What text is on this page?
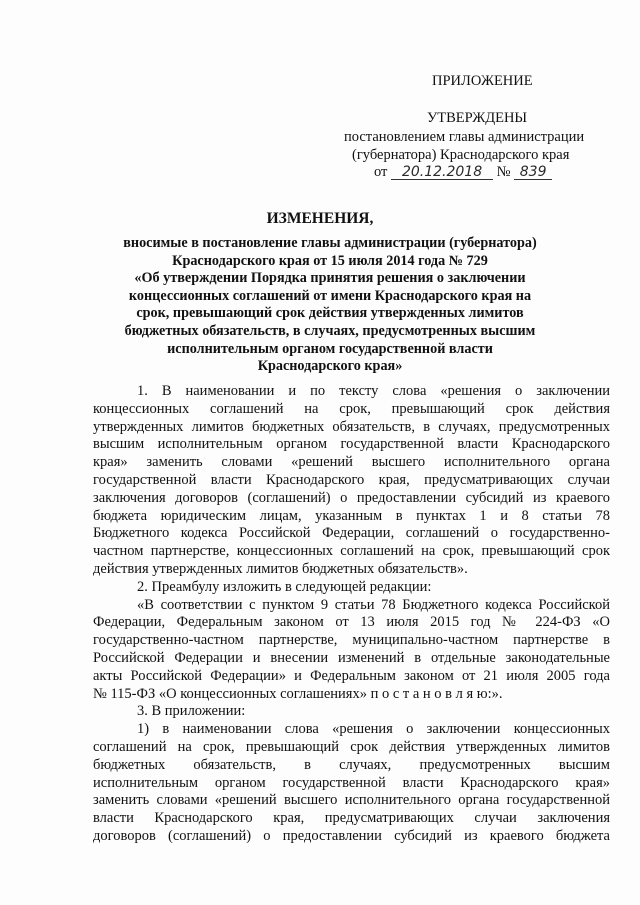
ПРИЛОЖЕНИЕ
УТВЕРЖДЕНЫ
постановлением главы администрации
(губернатора) Краснодарского края
от 20.12.2018 № 839
ИЗМЕНЕНИЯ,
вносимые в постановление главы администрации (губернатора)
Краснодарского края от 15 июля 2014 года № 729
«Об утверждении Порядка принятия решения о заключении
концессионных соглашений от имени Краснодарского края на
срок, превышающий срок действия утвержденных лимитов
бюджетных обязательств, в случаях, предусмотренных высшим
исполнительным органом государственной власти
Краснодарского края»
1. В наименовании и по тексту слова «решения о заключении
концессионных соглашений на срок, превышающий срок действия
утвержденных лимитов бюджетных обязательств, в случаях, предусмотренных
высшим исполнительным органом государственной власти Краснодарского
края» заменить словами «решений высшего исполнительного органа
государственной власти Краснодарского края, предусматривающих случаи
заключения договоров (соглашений) о предоставлении субсидий из краевого
бюджета юридическим лицам, указанным в пунктах 1 и 8 статьи 78
Бюджетного кодекса Российской Федерации, соглашений о государственно-
частном партнерстве, концессионных соглашений на срок, превышающий срок
действия утвержденных лимитов бюджетных обязательств».
2. Преамбулу изложить в следующей редакции:
«В соответствии с пунктом 9 статьи 78 Бюджетного кодекса Российской
Федерации, Федеральным законом от 13 июля 2015 год № 224-ФЗ «О
государственно-частном партнерстве, муниципально-частном партнерстве в
Российской Федерации и внесении изменений в отдельные законодательные
акты Российской Федерации» и Федеральным законом от 21 июля 2005 года
№ 115-ФЗ «О концессионных соглашениях» п о с т а н о в л я ю:».
3. В приложении:
1) в наименовании слова «решения о заключении концессионных
соглашений на срок, превышающий срок действия утвержденных лимитов
бюджетных обязательств, в случаях, предусмотренных высшим
исполнительным органом государственной власти Краснодарского края»
заменить словами «решений высшего исполнительного органа государственной
власти Краснодарского края, предусматривающих случаи заключения
договоров (соглашений) о предоставлении субсидий из краевого бюджета
